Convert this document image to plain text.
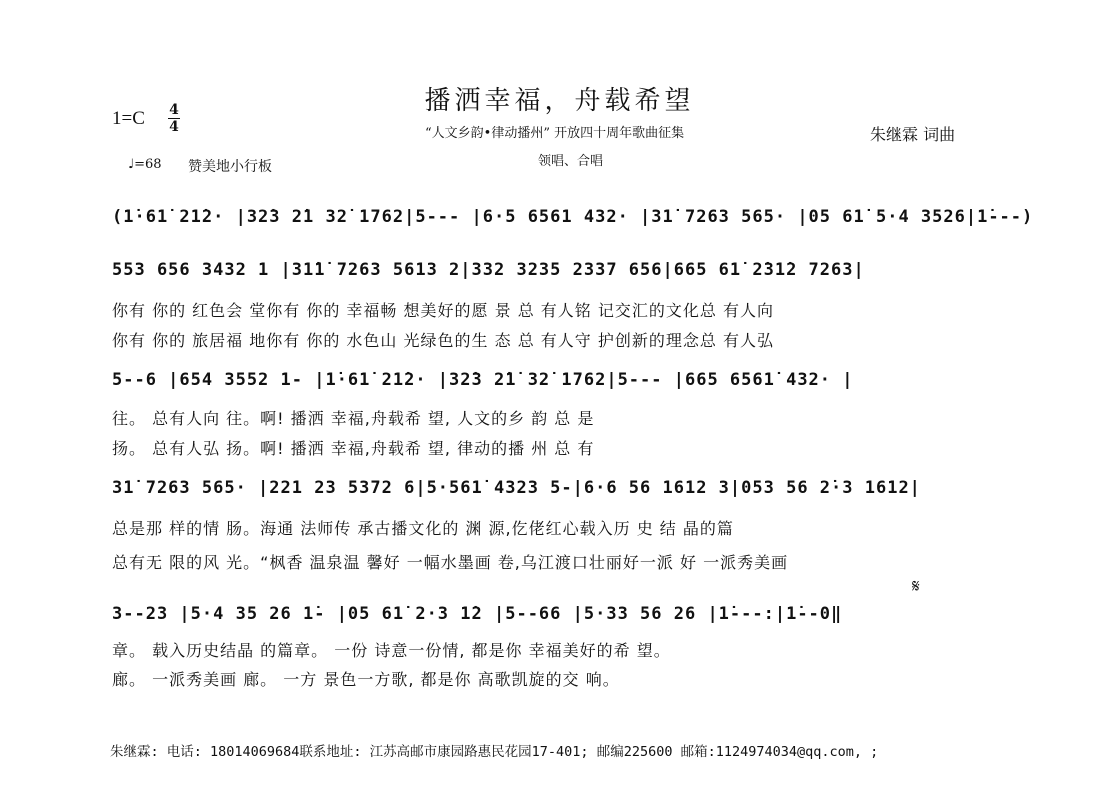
播洒幸福，舟载希望
1=C 4
4	“人文乡韵•律动播州” 开放四十周年歌曲征集	朱继霖 词曲
领唱、合唱
♩=68 赞美地小行板
(1̇·61̇ 21̇2· |32̇3 2̇1 32̇ 1762|5--- |6·5 6561 432· |31̇ 7263 565· |05 61̇ 5·4 3526|1̇---)
553 656 3432 1 |31̇1̇ 7263 5613 2|332 3235 2337 656|665 61̇ 2̇31̇2 7263|
你有 你的 红色会 堂你有 你的 幸福畅 想美好的愿 景 总 有人铭 记交汇的文化总 有人向
你有 你的 旅居福 地你有 你的 水色山 光绿色的生 态 总 有人守 护创新的理念总 有人弘
5--6 |654 3552 1- |1̇·61̇ 21̇2· |32̇3 2̇1̇ 32̇ 1762|5--- |665 6561̇ 432· |
往。 总有人向 往。啊! 播洒 幸福,舟载希 望, 人文的乡 韵 总 是
扬。 总有人弘 扬。啊! 播洒 幸福,舟载希 望, 律动的播 州 总 有
31̇ 7263 565· |221 23 5372 6|5·561̇ 4323 5-|6·6 56 1612 3|053 56 2̇·3 1612|
总是那 样的情 肠。海通 法师传 承古播文化的 渊 源,仡佬红心载入历 史 结 晶的篇
总有无 限的风 光。“枫香 温泉温 馨好 一幅水墨画 卷,乌江渡口壮丽好一派 好 一派秀美画
3--23 |5·4 35 26 1̇- |05 61̇ 2·3 1̇2 |5--66 |5·33 56 26 |1̇---:|1̇--0‖
章。 载入历史结晶 的篇章。 一份 诗意一份情, 都是你 幸福美好的希 望。
廊。 一派秀美画 廊。 一方 景色一方歌, 都是你 高歌凯旋的交 响。
𝄋
朱继霖: 电话: 18014069684联系地址: 江苏高邮市康园路惠民花园17-401; 邮编225600 邮箱:1124974034@qq.com, ;
